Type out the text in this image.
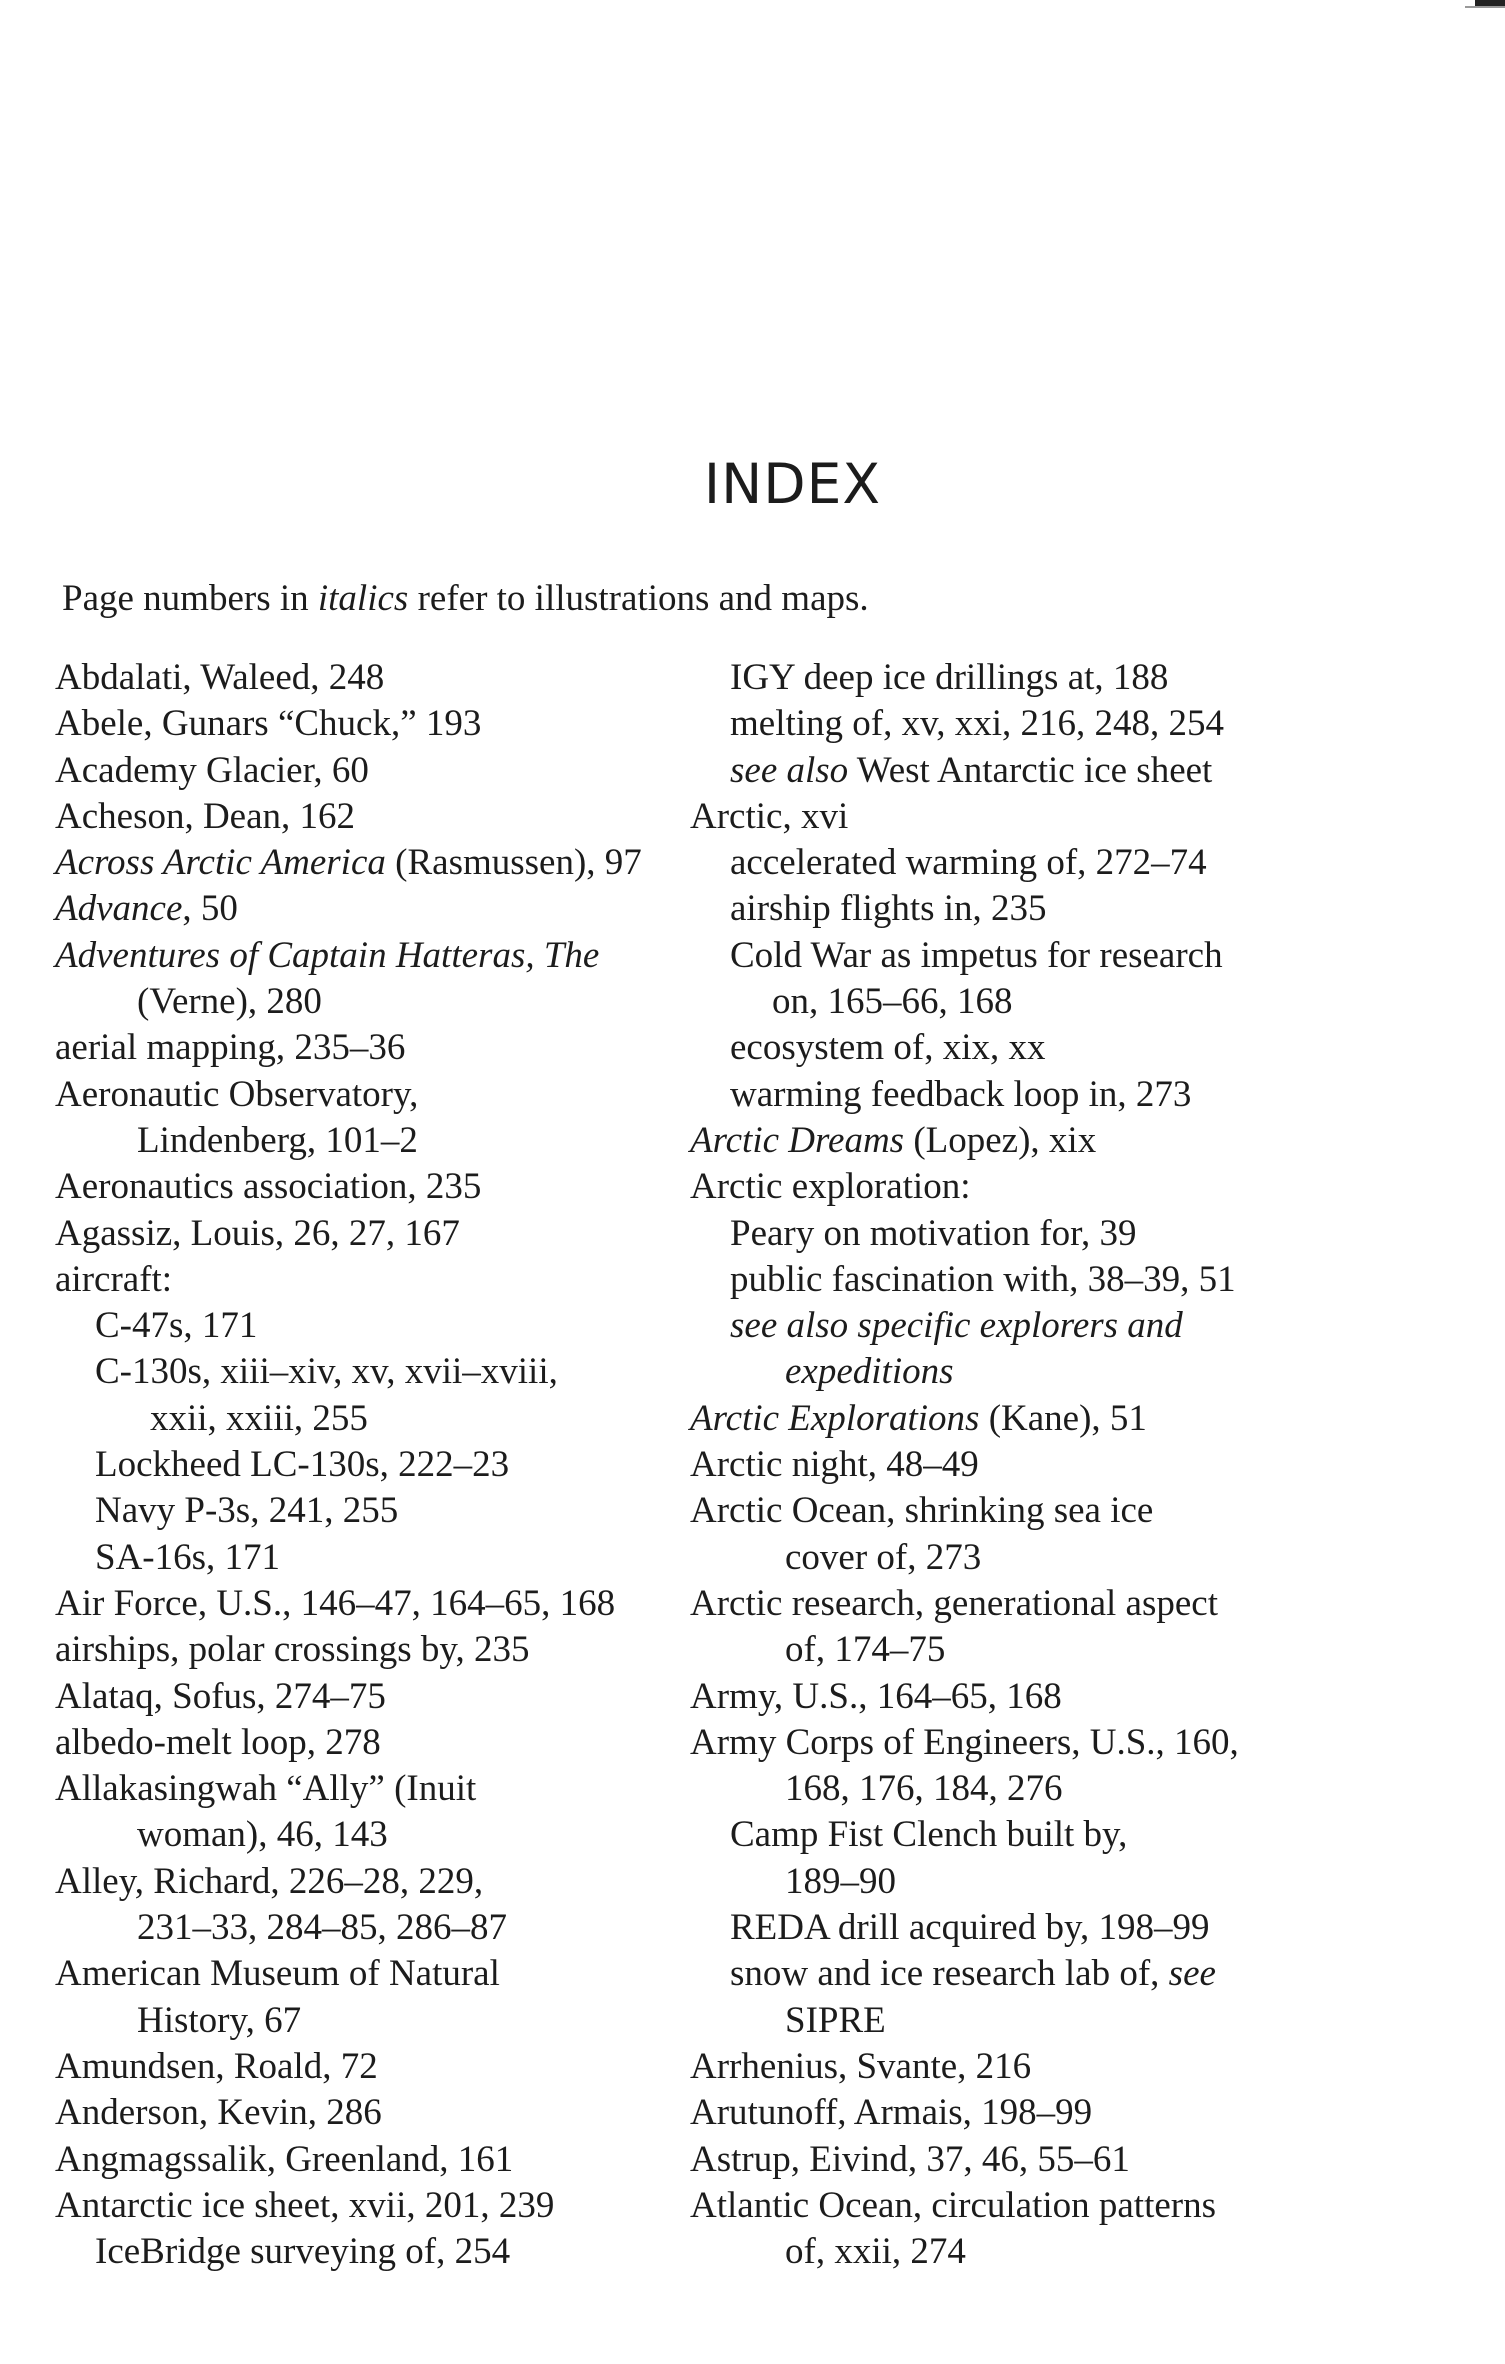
INDEX

Page numbers in italics refer to illustrations and maps.

Abdalati, Waleed, 248
Abele, Gunars “Chuck,” 193
Academy Glacier, 60
Acheson, Dean, 162
Across Arctic America (Rasmussen), 97
Advance, 50
Adventures of Captain Hatteras, The
(Verne), 280
aerial mapping, 235–36
Aeronautic Observatory,
Lindenberg, 101–2
Aeronautics association, 235
Agassiz, Louis, 26, 27, 167
aircraft:
C-47s, 171
C-130s, xiii–xiv, xv, xvii–xviii,
xxii, xxiii, 255
Lockheed LC-130s, 222–23
Navy P-3s, 241, 255
SA-16s, 171
Air Force, U.S., 146–47, 164–65, 168
airships, polar crossings by, 235
Alataq, Sofus, 274–75
albedo-melt loop, 278
Allakasingwah “Ally” (Inuit
woman), 46, 143
Alley, Richard, 226–28, 229,
231–33, 284–85, 286–87
American Museum of Natural
History, 67
Amundsen, Roald, 72
Anderson, Kevin, 286
Angmagssalik, Greenland, 161
Antarctic ice sheet, xvii, 201, 239
IceBridge surveying of, 254
IGY deep ice drillings at, 188
melting of, xv, xxi, 216, 248, 254
see also West Antarctic ice sheet
Arctic, xvi
accelerated warming of, 272–74
airship flights in, 235
Cold War as impetus for research
on, 165–66, 168
ecosystem of, xix, xx
warming feedback loop in, 273
Arctic Dreams (Lopez), xix
Arctic exploration:
Peary on motivation for, 39
public fascination with, 38–39, 51
see also specific explorers and
expeditions
Arctic Explorations (Kane), 51
Arctic night, 48–49
Arctic Ocean, shrinking sea ice
cover of, 273
Arctic research, generational aspect
of, 174–75
Army, U.S., 164–65, 168
Army Corps of Engineers, U.S., 160,
168, 176, 184, 276
Camp Fist Clench built by,
189–90
REDA drill acquired by, 198–99
snow and ice research lab of, see
SIPRE
Arrhenius, Svante, 216
Arutunoff, Armais, 198–99
Astrup, Eivind, 37, 46, 55–61
Atlantic Ocean, circulation patterns
of, xxii, 274
